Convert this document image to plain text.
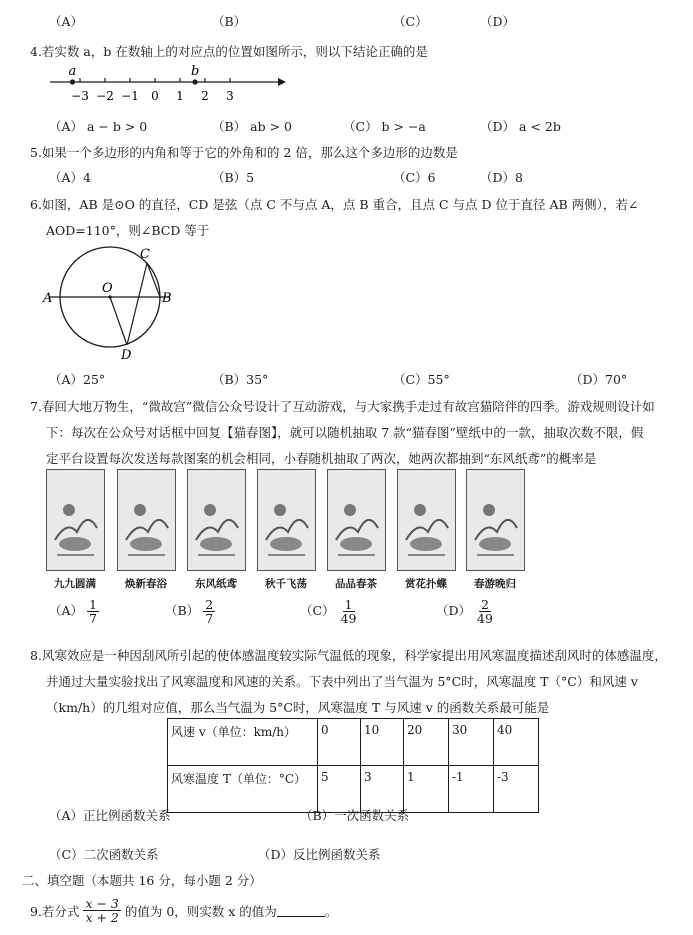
（A）	（B）	（C）	（D）
4.若实数 a，b 在数轴上的对应点的位置如图所示，则以下结论正确的是
−3 −2 −1 0 1 2 3
a	b
（A） a − b > 0	（B） ab > 0	（C） b > −a	（D） a < 2b
5.如果一个多边形的内角和等于它的外角和的 2 倍，那么这个多边形的边数是
（A）4	（B）5	（C）6	（D）8
6.如图，AB 是⊙O 的直径，CD 是弦（点 C 不与点 A，点 B 重合，且点 C 与点 D 位于直径 AB 两侧），若∠
AOD=110°，则∠BCD 等于
A	B
C
D
O
（A）25°	（B）35°	（C）55°	（D）70°
7.春回大地万物生，“微故宫”微信公众号设计了互动游戏，与大家携手走过有故宫猫陪伴的四季。游戏规则设计如
下：每次在公众号对话框中回复【猫春图】，就可以随机抽取 7 款“猫春图”壁纸中的一款，抽取次数不限，假
定平台设置每次发送每款图案的机会相同，小春随机抽取了两次，她两次都抽到“东风纸鸢”的概率是
九九圆满	焕新春浴	东风纸鸢	秋千飞荡	品品春茶	赏花扑蝶	春游晚归
$(A) \frac{1}{7}$	$(B) \frac{2}{7}$	$(C) \frac{1}{49}$	$(D) \frac{2}{49}$
8.风寒效应是一种因刮风所引起的使体感温度较实际气温低的现象，科学家提出用风寒温度描述刮风时的体感温度，
并通过大量实验找出了风寒温度和风速的关系。下表中列出了当气温为 5°C时，风寒温度 T（°C）和风速 v
（km/h）的几组对应值，那么当气温为 5°C时，风寒温度 T 与风速 v 的函数关系最可能是
风速 v（单位：km/h）	0	10	20	30	40
风寒温度 T（单位：°C）	5	3	1	-1	-3
（A）正比例函数关系	（B）一次函数关系
（C）二次函数关系	（D）反比例函数关系
二、填空题（本题共 16 分，每小题 2 分）
9.若分式 $\frac{x - 3}{x + 2}$ 的值为 0，则实数 x 的值为	。
